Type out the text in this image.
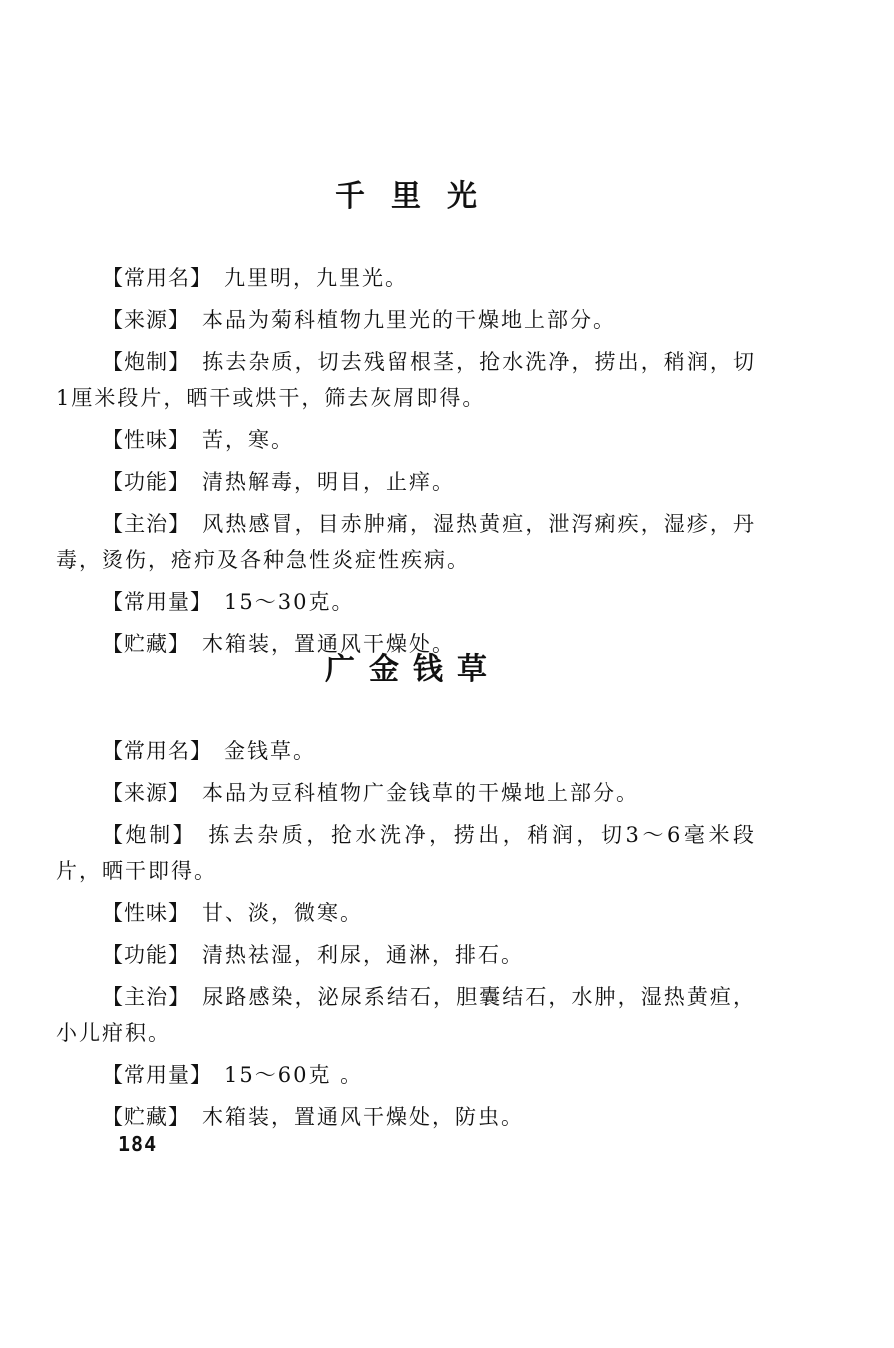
千里光

【常用名】 九里明，九里光。

【来源】 本品为菊科植物九里光的干燥地上部分。

【炮制】 拣去杂质，切去残留根茎，抢水洗净，捞出，稍润，切1厘米段片，晒干或烘干，筛去灰屑即得。

【性味】 苦，寒。

【功能】 清热解毒，明目，止痒。

【主治】 风热感冒，目赤肿痛，湿热黄疸，泄泻痢疾，湿疹，丹毒，烫伤，疮疖及各种急性炎症性疾病。

【常用量】 15～30克。

【贮藏】 木箱装，置通风干燥处。

广金钱草

【常用名】 金钱草。

【来源】 本品为豆科植物广金钱草的干燥地上部分。

【炮制】 拣去杂质，抢水洗净，捞出，稍润，切3～6毫米段片，晒干即得。

【性味】 甘、淡，微寒。

【功能】 清热祛湿，利尿，通淋，排石。

【主治】 尿路感染，泌尿系结石，胆囊结石，水肿，湿热黄疸，小儿疳积。

【常用量】 15～60克 。

【贮藏】 木箱装，置通风干燥处，防虫。

184
